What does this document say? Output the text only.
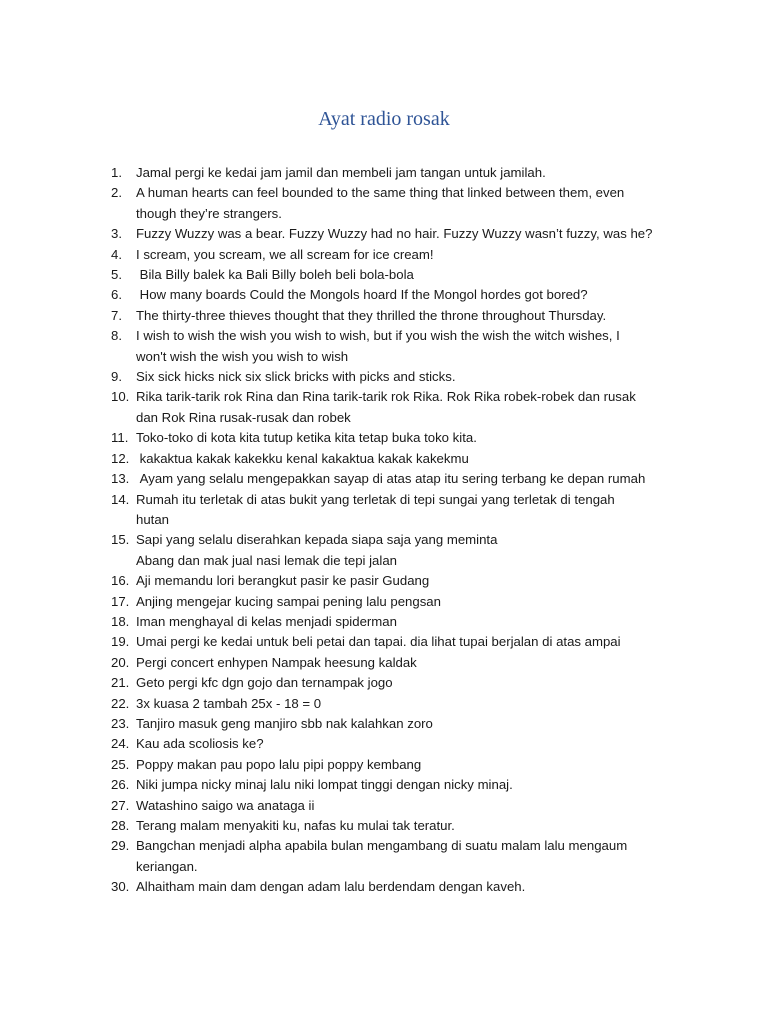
Ayat radio rosak
1.	Jamal pergi ke kedai jam jamil dan membeli jam tangan untuk jamilah.
2.	A human hearts can feel bounded to the same thing that linked between them, even
though they’re strangers.
3.	Fuzzy Wuzzy was a bear. Fuzzy Wuzzy had no hair. Fuzzy Wuzzy wasn’t fuzzy, was he?
4.	I scream, you scream, we all scream for ice cream!
5.	Bila Billy balek ka Bali Billy boleh beli bola-bola
6.	How many boards Could the Mongols hoard If the Mongol hordes got bored?
7.	The thirty-three thieves thought that they thrilled the throne throughout Thursday.
8.	I wish to wish the wish you wish to wish, but if you wish the wish the witch wishes, I
won't wish the wish you wish to wish
9.	Six sick hicks nick six slick bricks with picks and sticks.
10. Rika tarik-tarik rok Rina dan Rina tarik-tarik rok Rika. Rok Rika robek-robek dan rusak
dan Rok Rina rusak-rusak dan robek
11. Toko-toko di kota kita tutup ketika kita tetap buka toko kita.
12. kakaktua kakak kakekku kenal kakaktua kakak kakekmu
13. Ayam yang selalu mengepakkan sayap di atas atap itu sering terbang ke depan rumah
14. Rumah itu terletak di atas bukit yang terletak di tepi sungai yang terletak di tengah
hutan
15. Sapi yang selalu diserahkan kepada siapa saja yang meminta
Abang dan mak jual nasi lemak die tepi jalan
16. Aji memandu lori berangkut pasir ke pasir Gudang
17. Anjing mengejar kucing sampai pening lalu pengsan
18. Iman menghayal di kelas menjadi spiderman
19. Umai pergi ke kedai untuk beli petai dan tapai. dia lihat tupai berjalan di atas ampai
20. Pergi concert enhypen Nampak heesung kaldak
21. Geto pergi kfc dgn gojo dan ternampak jogo
22. 3x kuasa 2 tambah 25x - 18 = 0
23. Tanjiro masuk geng manjiro sbb nak kalahkan zoro
24. Kau ada scoliosis ke?
25. Poppy makan pau popo lalu pipi poppy kembang
26. Niki jumpa nicky minaj lalu niki lompat tinggi dengan nicky minaj.
27. Watashino saigo wa anataga ii
28. Terang malam menyakiti ku, nafas ku mulai tak teratur.
29. Bangchan menjadi alpha apabila bulan mengambang di suatu malam lalu mengaum
keriangan.
30. Alhaitham main dam dengan adam lalu berdendam dengan kaveh.
